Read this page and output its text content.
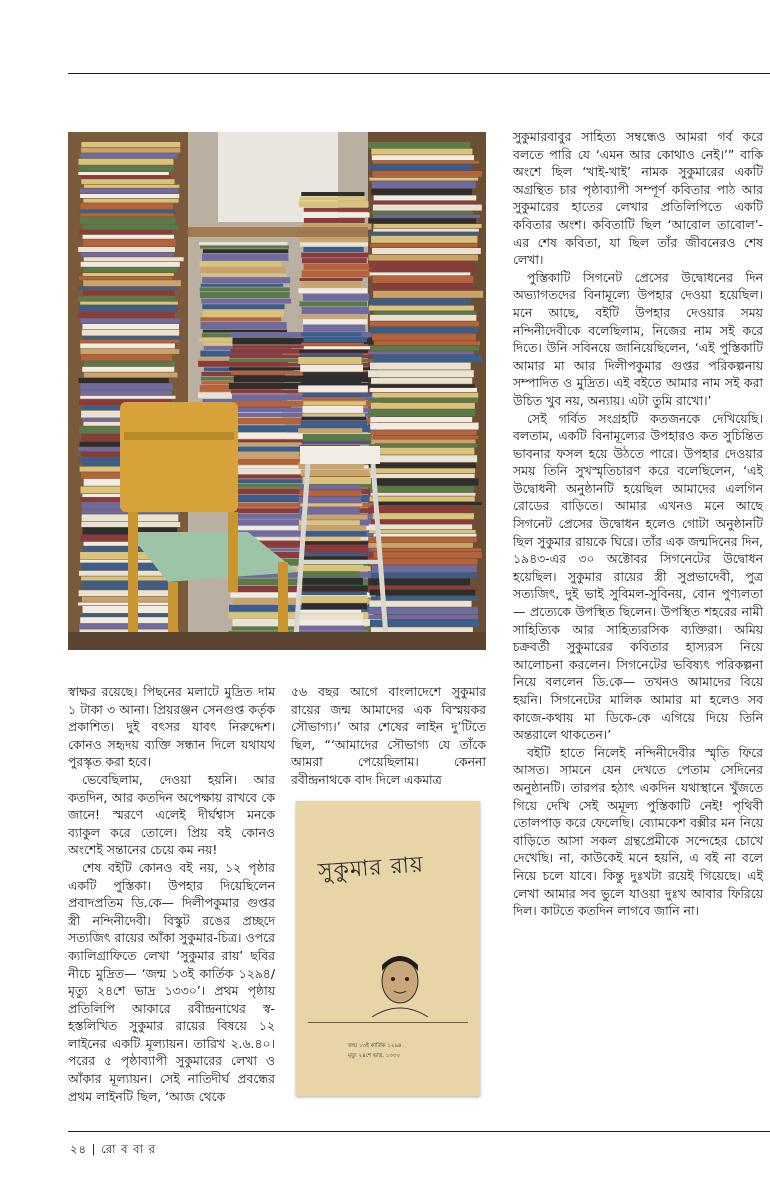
সুকুমারবাবুর সাহিত্য সম্বন্ধেও আমরা গর্ব করে বলতে পারি যে ‘এমন আর কোথাও নেই।’” বাকি অংশে ছিল ‘খাই-খাই’ নামক সুকুমারের একটি অগ্রন্থিত চার পৃষ্ঠাব্যাপী সম্পূর্ণ কবিতার পাঠ আর সুকুমারের হাতের লেখার প্রতিলিপিতে একটি কবিতার অংশ। কবিতাটি ছিল ‘আবোল তাবোল’-এর শেষ কবিতা, যা ছিল তাঁর জীবনেরও শেষ লেখা।

পুস্তিকাটি সিগনেট প্রেসের উদ্বোধনের দিন অভ্যাগতদের বিনামূল্যে উপহার দেওয়া হয়েছিল। মনে আছে, বইটি উপহার দেওয়ার সময় নন্দিনীদেবীকে বলেছিলাম, নিজের নাম সই করে দিতে। উনি সবিনয়ে জানিয়েছিলেন, ‘এই পুস্তিকাটি আমার মা আর দিলীপকুমার গুপ্তর পরিকল্পনায় সম্পাদিত ও মুদ্রিত। এই বইতে আমার নাম সই করা উচিত খুব নয়, অন্যায়। এটা তুমি রাখো।’

সেই গর্বিত সংগ্রহটি কতজনকে দেখিয়েছি। বলতাম, একটি বিনামূল্যের উপহারও কত সুচিন্তিত ভাবনার ফসল হয়ে উঠতে পারে। উপহার দেওয়ার সময় তিনি সুখস্মৃতিচারণ করে বলেছিলেন, ‘এই উদ্বোধনী অনুষ্ঠানটি হয়েছিল আমাদের এলগিন রোডের বাড়িতে। আমার এখনও মনে আছে সিগনেট প্রেসের উদ্বোধন হলেও গোটা অনুষ্ঠানটি ছিল সুকুমার রায়কে ঘিরে। তাঁর এক জন্মদিনের দিন, ১৯৪৩-এর ৩০ অক্টোবর সিগনেটের উদ্বোধন হয়েছিল। সুকুমার রায়ের স্ত্রী সুপ্রভাদেবী, পুত্র সত্যজিৎ, দুই ভাই সুবিমল-সুবিনয়, বোন পুণ্যলতা— প্রত্যেকে উপস্থিত ছিলেন। উপস্থিত শহরের নামী সাহিত্যিক আর সাহিত্যরসিক ব্যক্তিরা। অমিয় চক্রবর্তী সুকুমারের কবিতার হাস্যরস নিয়ে আলোচনা করলেন। সিগনেটের ভবিষ্যৎ পরিকল্পনা নিয়ে বললেন ডি.কে— তখনও আমাদের বিয়ে হয়নি। সিগনেটের মালিক আমার মা হলেও সব কাজে-কথায় মা ডিকে-কে এগিয়ে দিয়ে তিনি অন্তরালে থাকতেন।’

বইটি হাতে নিলেই নন্দিনীদেবীর স্মৃতি ফিরে আসত। সামনে যেন দেখতে পেতাম সেদিনের অনুষ্ঠানটি। তারপর হঠাৎ একদিন যথাস্থানে খুঁজতে গিয়ে দেখি সেই অমূল্য পুস্তিকাটি নেই! পৃথিবী তোলপাড় করে ফেলেছি। ব্যোমকেশ বক্সীর মন নিয়ে বাড়িতে আসা সকল গ্রন্থপ্রেমীকে সন্দেহের চোখে দেখেছি। না, কাউকেই মনে হয়নি, এ বই না বলে নিয়ে চলে যাবে। কিন্তু দুঃখটা রয়েই গিয়েছে। এই লেখা আমার সব ভুলে যাওয়া দুঃখ আবার ফিরিয়ে দিল। কাটতে কতদিন লাগবে জানি না।

স্বাক্ষর রয়েছে। পিছনের মলাটে মুদ্রিত দাম ১ টাকা ৩ আনা। প্রিয়রঞ্জন সেনগুপ্ত কর্তৃক প্রকাশিত। দুই বৎসর যাবৎ নিরুদ্দেশ। কোনও সহৃদয় ব্যক্তি সন্ধান দিলে যথাযথ পুরস্কৃত করা হবে।

ভেবেছিলাম, দেওয়া হয়নি। আর কতদিন, আর কতদিন অপেক্ষায় রাখবে কে জানে! স্মরণে এলেই দীর্ঘশ্বাস মনকে ব্যাকুল করে তোলে। প্রিয় বই কোনও অংশেই সন্তানের চেয়ে কম নয়!

শেষ বইটি কোনও বই নয়, ১২ পৃষ্ঠার একটি পুস্তিকা। উপহার দিয়েছিলেন প্রবাদপ্রতিম ডি.কে— দিলীপকুমার গুপ্তর স্ত্রী নন্দিনীদেবী। বিস্কুট রঙের প্রচ্ছদে সত্যজিৎ রায়ের আঁকা সুকুমার-চিত্র। ওপরে ক্যালিগ্রাফিতে লেখা ‘সুকুমার রায়’ ছবির নীচে মুদ্রিত— ‘জন্ম ১৩ই কার্তিক ১২৯৪/ মৃত্যু ২৪শে ভাদ্র ১৩৩০’। প্রথম পৃষ্ঠায় প্রতিলিপি আকারে রবীন্দ্রনাথের স্ব-হস্তলিখিত সুকুমার রায়ের বিষয়ে ১২ লাইনের একটি মূল্যায়ন। তারিখ ২.৬.৪০। পরের ৫ পৃষ্ঠাব্যাপী সুকুমারের লেখা ও আঁকার মূল্যায়ন। সেই নাতিদীর্ঘ প্রবন্ধের প্রথম লাইনটি ছিল, ‘আজ থেকে

৫৬ বছর আগে বাংলাদেশে সুকুমার রায়ের জন্ম আমাদের এক বিস্ময়কর সৌভাগ্য।’ আর শেষের লাইন দু’টিতে ছিল, “‘আমাদের সৌভাগ্য যে তাঁকে আমরা পেয়েছিলাম। কেননা রবীন্দ্রনাথকে বাদ দিলে একমাত্র

সুকুমার রায়
জন্ম ১৩ই কার্তিক ১২৯৪
মৃত্যু ২৪শে ভাদ্র, ১৩৩০
২৪ | রো ব বা র
